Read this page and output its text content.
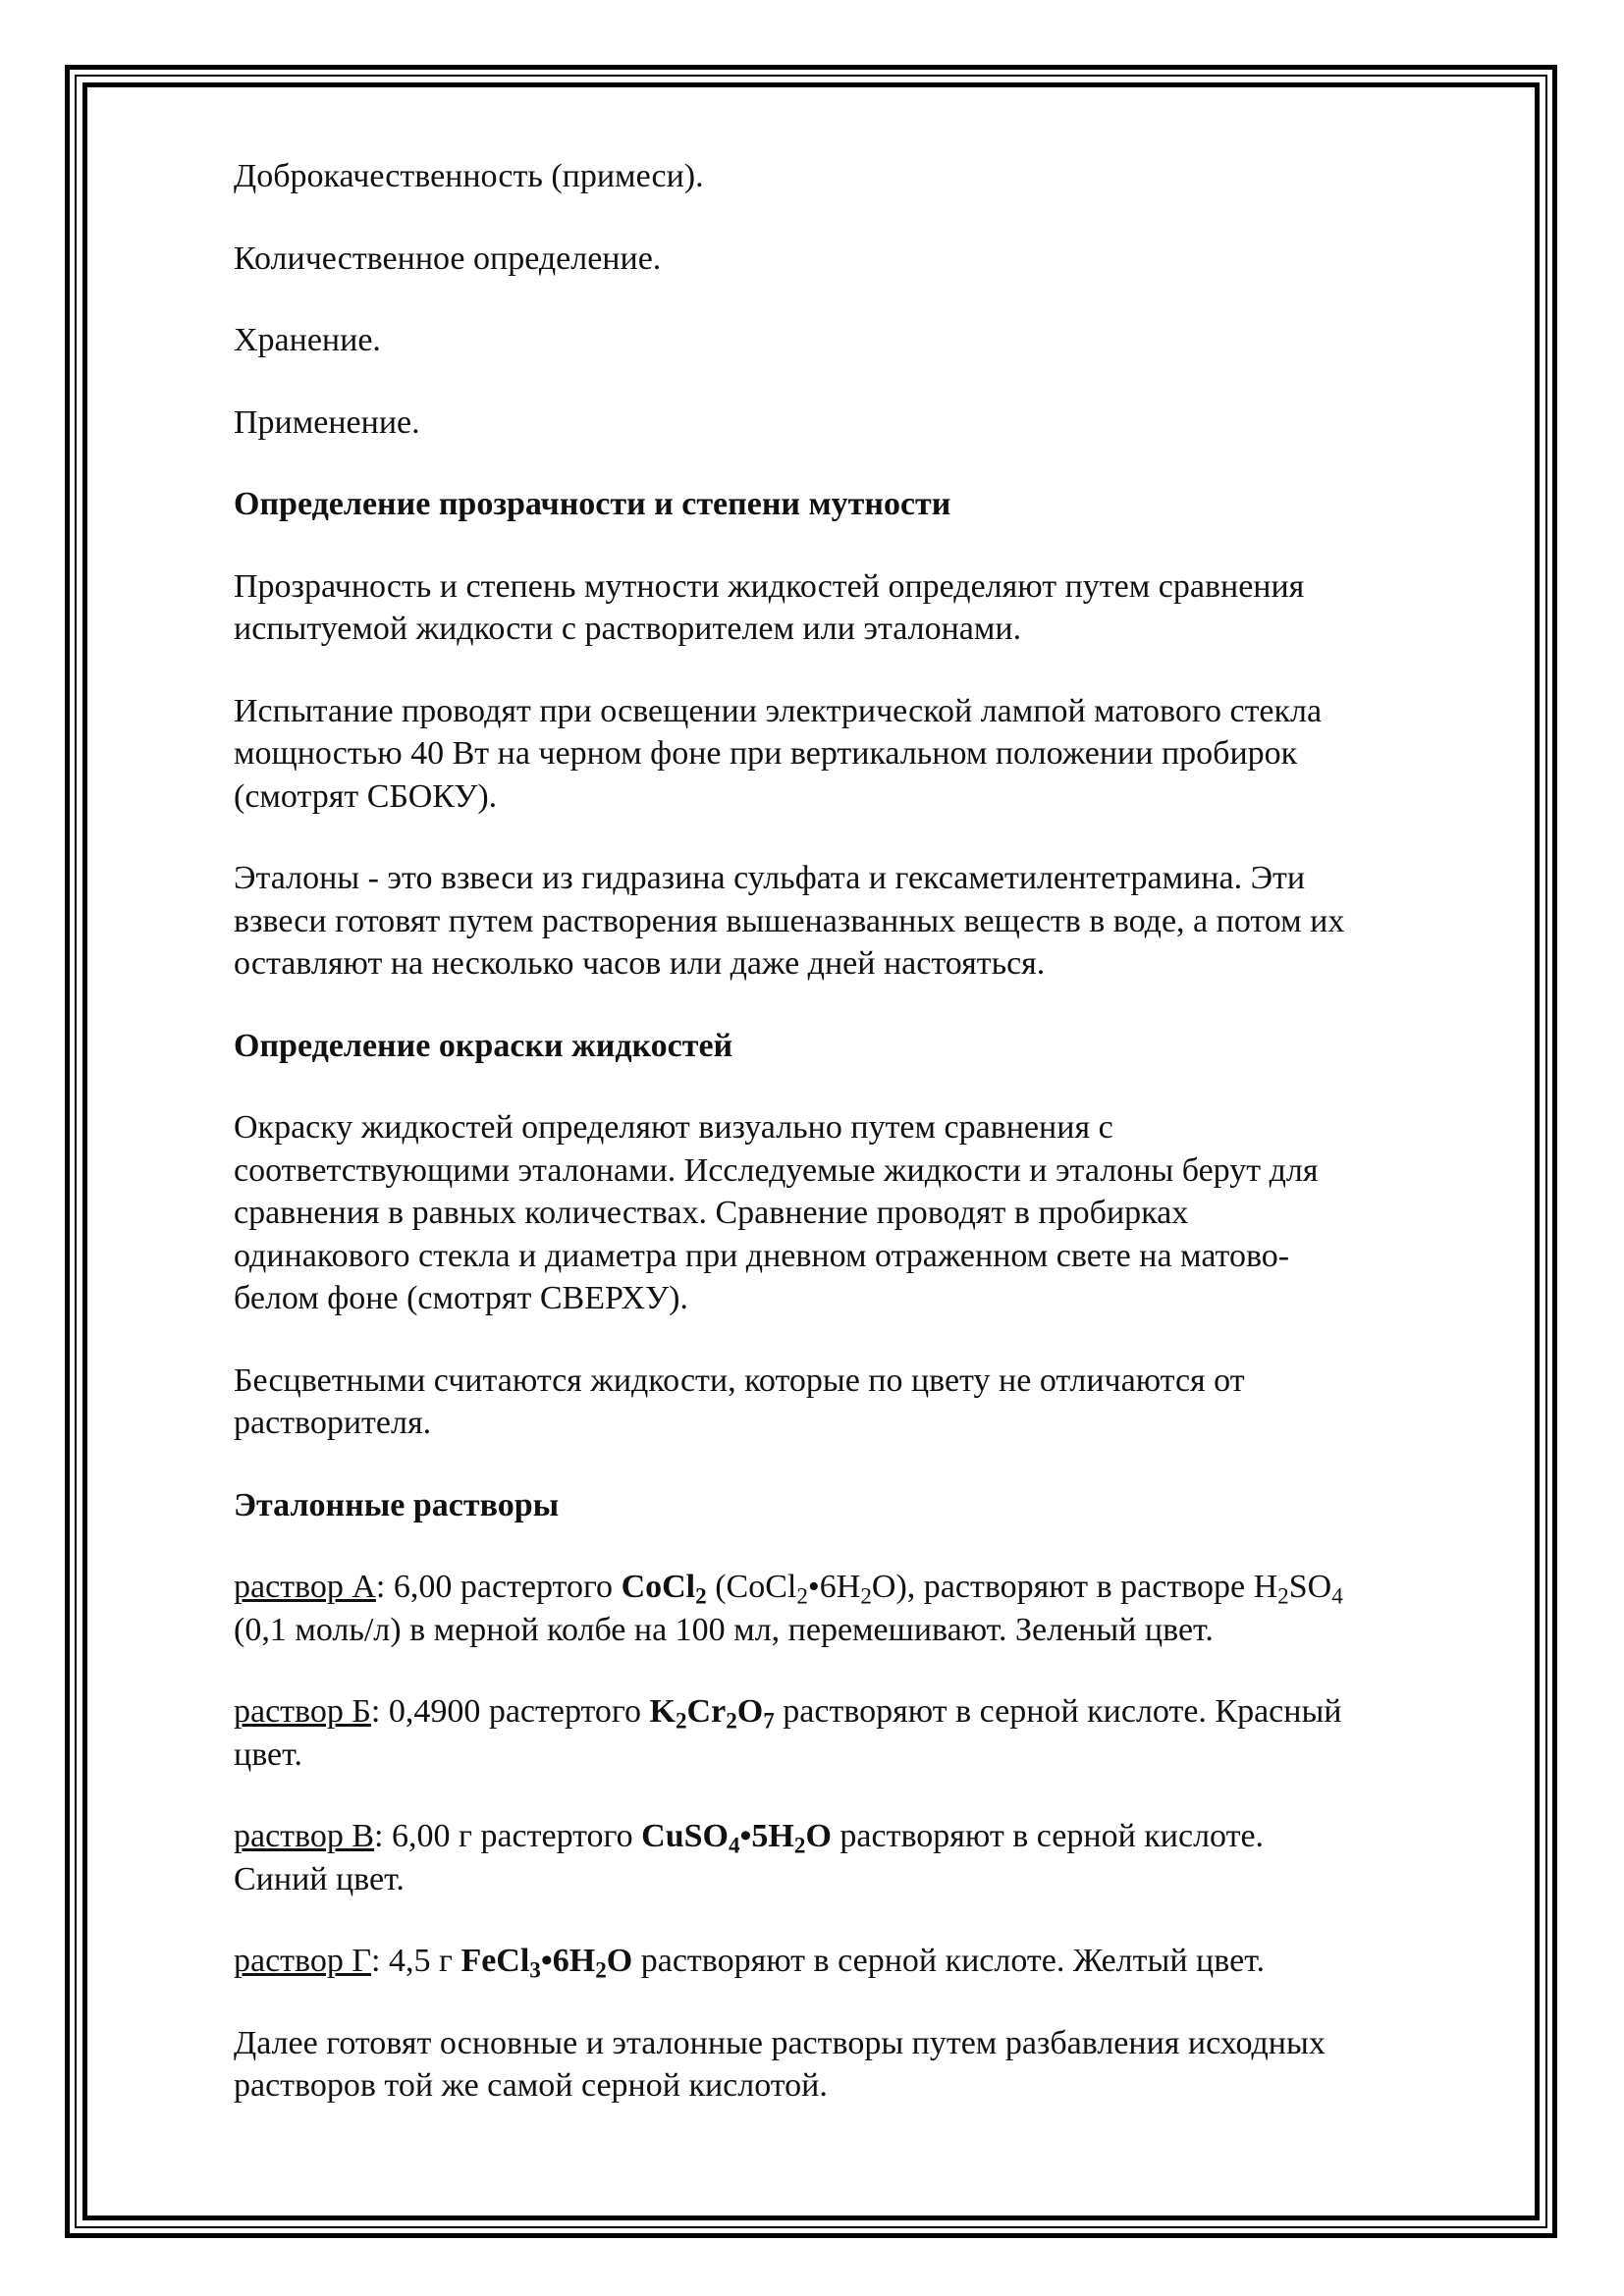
Доброкачественность (примеси).

Количественное определение.

Хранение.

Применение.

Определение прозрачности и степени мутности

Прозрачность и степень мутности жидкостей определяют путем сравнения
испытуемой жидкости с растворителем или эталонами.

Испытание проводят при освещении электрической лампой матового стекла
мощностью 40 Вт на черном фоне при вертикальном положении пробирок
(смотрят СБОКУ).

Эталоны - это взвеси из гидразина сульфата и гексаметилентетрамина. Эти
взвеси готовят путем растворения вышеназванных веществ в воде, а потом их
оставляют на несколько часов или даже дней настояться.

Определение окраски жидкостей

Окраску жидкостей определяют визуально путем сравнения с
соответствующими эталонами. Исследуемые жидкости и эталоны берут для
сравнения в равных количествах. Сравнение проводят в пробирках
одинакового стекла и диаметра при дневном отраженном свете на матово-
белом фоне (смотрят СВЕРХУ).

Бесцветными считаются жидкости, которые по цвету не отличаются от
растворителя.

Эталонные растворы

раствор А: 6,00 растертого CoCl$_2$ $(CoCl_2•6H_2O)$, растворяют в растворе $H_2SO_4$
(0,1 моль/л) в мерной колбе на 100 мл, перемешивают. Зеленый цвет.

раствор Б: 0,4900 растертого $K_2Cr_2O_7$ растворяют в серной кислоте. Красный
цвет.

раствор В: 6,00 г растертого $CuSO_4•5H_2O$ растворяют в серной кислоте.
Синий цвет.

раствор Г: 4,5 г $FeCl_3•6H_2O$ растворяют в серной кислоте. Желтый цвет.

Далее готовят основные и эталонные растворы путем разбавления исходных
растворов той же самой серной кислотой.
